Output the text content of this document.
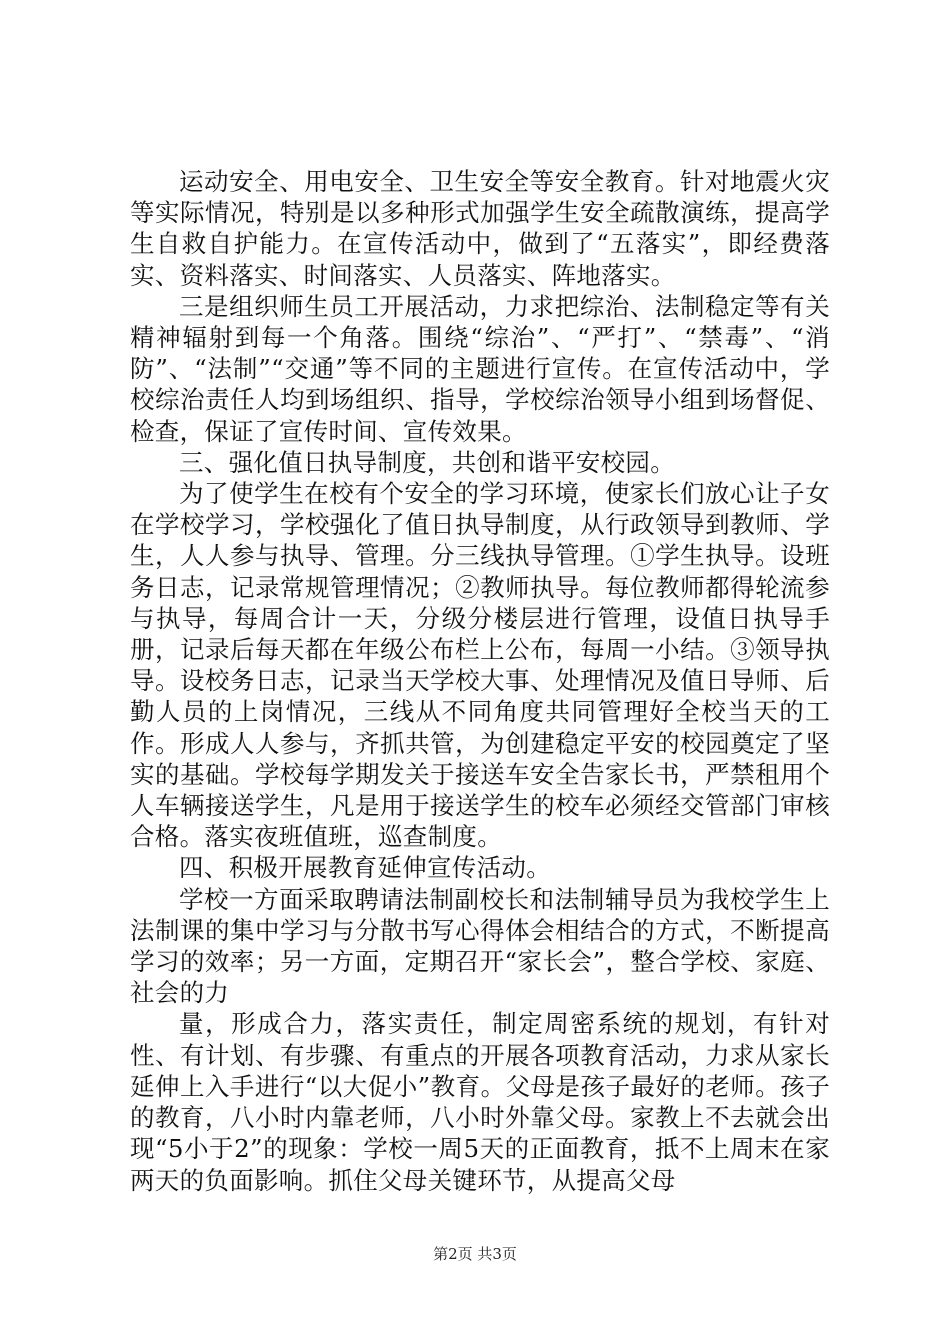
运动安全、用电安全、卫生安全等安全教育。针对地震火灾等实际情况，特别是以多种形式加强学生安全疏散演练，提高学生自救自护能力。在宣传活动中，做到了“五落实”，即经费落实、资料落实、时间落实、人员落实、阵地落实。

三是组织师生员工开展活动，力求把综治、法制稳定等有关精神辐射到每一个角落。围绕“综治”、“严打”、“禁毒”、“消防”、“法制”“交通”等不同的主题进行宣传。在宣传活动中，学校综治责任人均到场组织、指导，学校综治领导小组到场督促、检查，保证了宣传时间、宣传效果。

三、强化值日执导制度，共创和谐平安校园。

为了使学生在校有个安全的学习环境，使家长们放心让子女在学校学习，学校强化了值日执导制度，从行政领导到教师、学生，人人参与执导、管理。分三线执导管理。①学生执导。设班务日志，记录常规管理情况；②教师执导。每位教师都得轮流参与执导，每周合计一天，分级分楼层进行管理，设值日执导手册，记录后每天都在年级公布栏上公布，每周一小结。③领导执导。设校务日志，记录当天学校大事、处理情况及值日导师、后勤人员的上岗情况，三线从不同角度共同管理好全校当天的工作。形成人人参与，齐抓共管，为创建稳定平安的校园奠定了坚实的基础。学校每学期发关于接送车安全告家长书，严禁租用个人车辆接送学生，凡是用于接送学生的校车必须经交管部门审核合格。落实夜班值班，巡查制度。

四、积极开展教育延伸宣传活动。

学校一方面采取聘请法制副校长和法制辅导员为我校学生上法制课的集中学习与分散书写心得体会相结合的方式，不断提高学习的效率；另一方面，定期召开“家长会”，整合学校、家庭、社会的力

量，形成合力，落实责任，制定周密系统的规划，有针对性、有计划、有步骤、有重点的开展各项教育活动，力求从家长延伸上入手进行“以大促小”教育。父母是孩子最好的老师。孩子的教育，八小时内靠老师，八小时外靠父母。家教上不去就会出现“5小于2”的现象：学校一周5天的正面教育，抵不上周末在家两天的负面影响。抓住父母关键环节，从提高父母

第2页 共3页
